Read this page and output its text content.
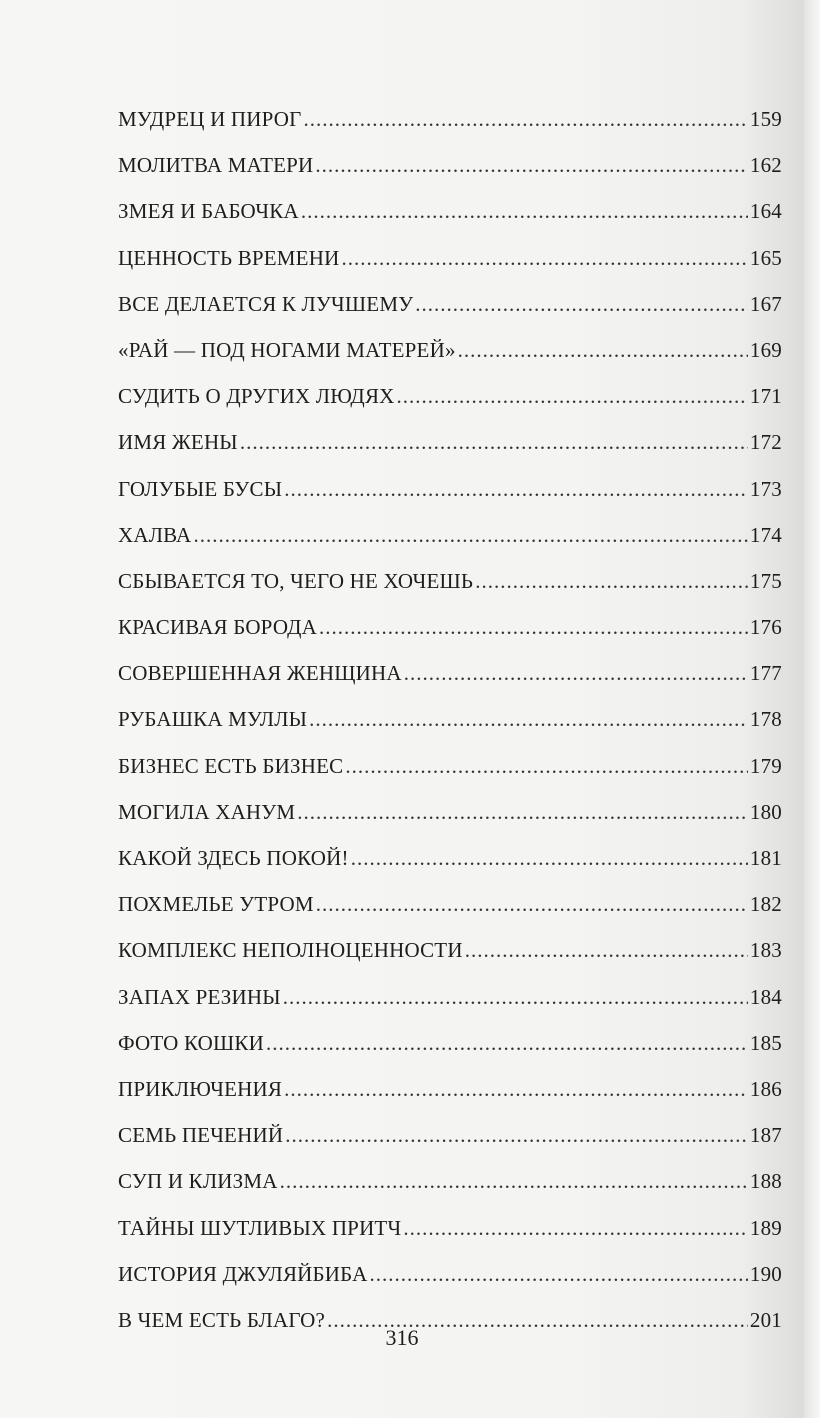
МУДРЕЦ И ПИРОГ .....	159
МОЛИТВА МАТЕРИ .....	162
ЗМЕЯ И БАБОЧКА .....	164
ЦЕННОСТЬ ВРЕМЕНИ .....	165
ВСЕ ДЕЛАЕТСЯ К ЛУЧШЕМУ .....	167
«РАЙ — ПОД НОГАМИ МАТЕРЕЙ» .....	169
СУДИТЬ О ДРУГИХ ЛЮДЯХ .....	171
ИМЯ ЖЕНЫ .....	172
ГОЛУБЫЕ БУСЫ .....	173
ХАЛВА .....	174
СБЫВАЕТСЯ ТО, ЧЕГО НЕ ХОЧЕШЬ .....	175
КРАСИВАЯ БОРОДА .....	176
СОВЕРШЕННАЯ ЖЕНЩИНА .....	177
РУБАШКА МУЛЛЫ .....	178
БИЗНЕС ЕСТЬ БИЗНЕС .....	179
МОГИЛА ХАНУМ .....	180
КАКОЙ ЗДЕСЬ ПОКОЙ! .....	181
ПОХМЕЛЬЕ УТРОМ .....	182
КОМПЛЕКС НЕПОЛНОЦЕННОСТИ .....	183
ЗАПАХ РЕЗИНЫ .....	184
ФОТО КОШКИ .....	185
ПРИКЛЮЧЕНИЯ .....	186
СЕМЬ ПЕЧЕНИЙ .....	187
СУП И КЛИЗМА .....	188
ТАЙНЫ ШУТЛИВЫХ ПРИТЧ .....	189
ИСТОРИЯ ДЖУЛЯЙБИБА .....	190
В ЧЕМ ЕСТЬ БЛАГО? .....	201
316
